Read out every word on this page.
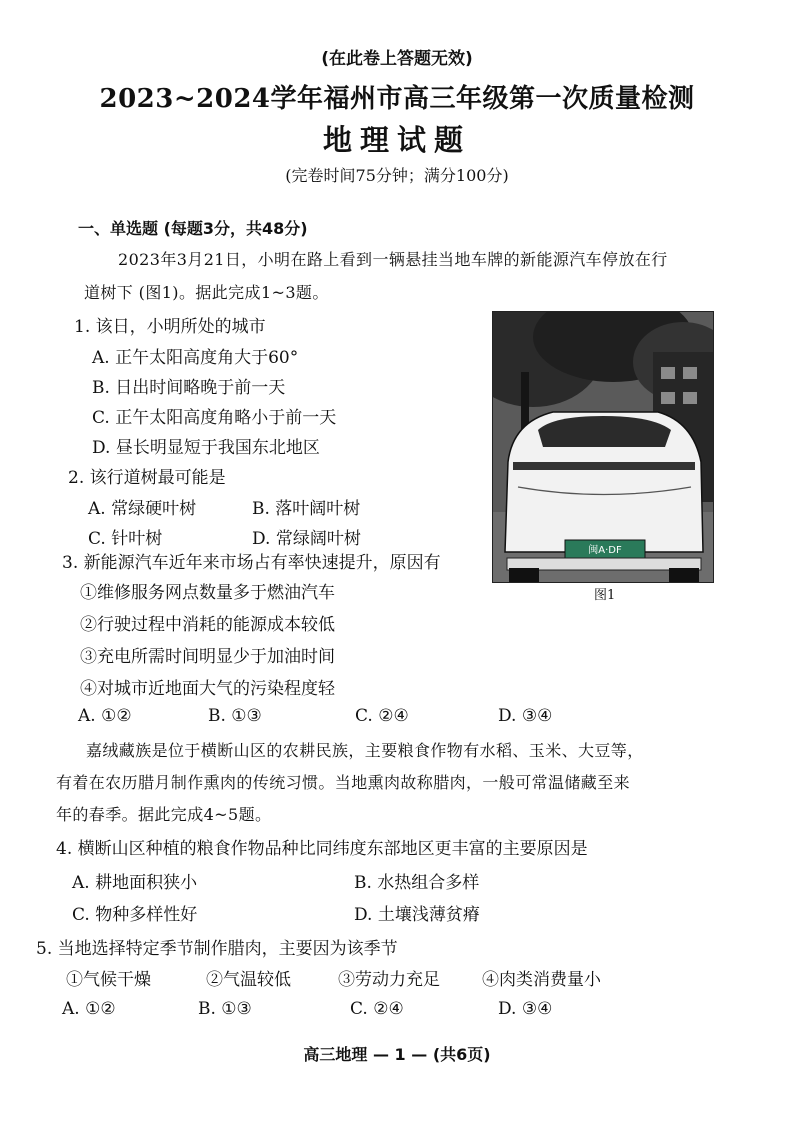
(在此卷上答题无效)
2023~2024学年福州市高三年级第一次质量检测
地理试题
(完卷时间75分钟；满分100分)
一、单选题 (每题3分，共48分)
2023年3月21日，小明在路上看到一辆悬挂当地车牌的新能源汽车停放在行
道树下 (图1)。据此完成1~3题。
1. 该日，小明所处的城市
A. 正午太阳高度角大于60°
B. 日出时间略晚于前一天
C. 正午太阳高度角略小于前一天
D. 昼长明显短于我国东北地区
2. 该行道树最可能是
A. 常绿硬叶树	B. 落叶阔叶树
C. 针叶树	D. 常绿阔叶树
闽A·DF
图1
3. 新能源汽车近年来市场占有率快速提升，原因有
①维修服务网点数量多于燃油汽车
②行驶过程中消耗的能源成本较低
③充电所需时间明显少于加油时间
④对城市近地面大气的污染程度轻
A. ①②	B. ①③	C. ②④	D. ③④
嘉绒藏族是位于横断山区的农耕民族，主要粮食作物有水稻、玉米、大豆等，
有着在农历腊月制作熏肉的传统习惯。当地熏肉故称腊肉，一般可常温储藏至来
年的春季。据此完成4~5题。
4. 横断山区种植的粮食作物品种比同纬度东部地区更丰富的主要原因是
A. 耕地面积狭小	B. 水热组合多样
C. 物种多样性好	D. 土壤浅薄贫瘠
5. 当地选择特定季节制作腊肉，主要因为该季节
①气候干燥	②气温较低	③劳动力充足 ④肉类消费量小
A. ①②	B. ①③	C. ②④	D. ③④
高三地理 — 1 — (共6页)
